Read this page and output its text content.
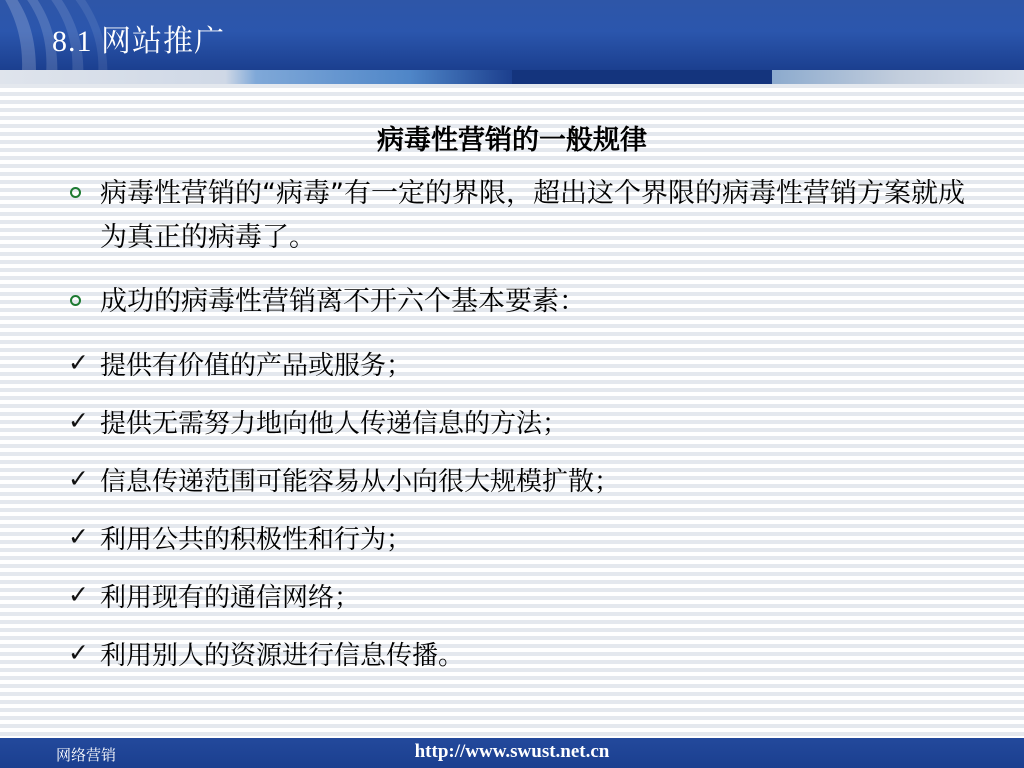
8.1 网站推广
病毒性营销的一般规律
病毒性营销的“病毒”有一定的界限，超出这个界限的病毒性营销方案就成为真正的病毒了。
成功的病毒性营销离不开六个基本要素：
✓ 提供有价值的产品或服务；
✓ 提供无需努力地向他人传递信息的方法；
✓ 信息传递范围可能容易从小向很大规模扩散；
✓ 利用公共的积极性和行为；
✓ 利用现有的通信网络；
✓ 利用别人的资源进行信息传播。
网络营销	http://www.swust.net.cn
